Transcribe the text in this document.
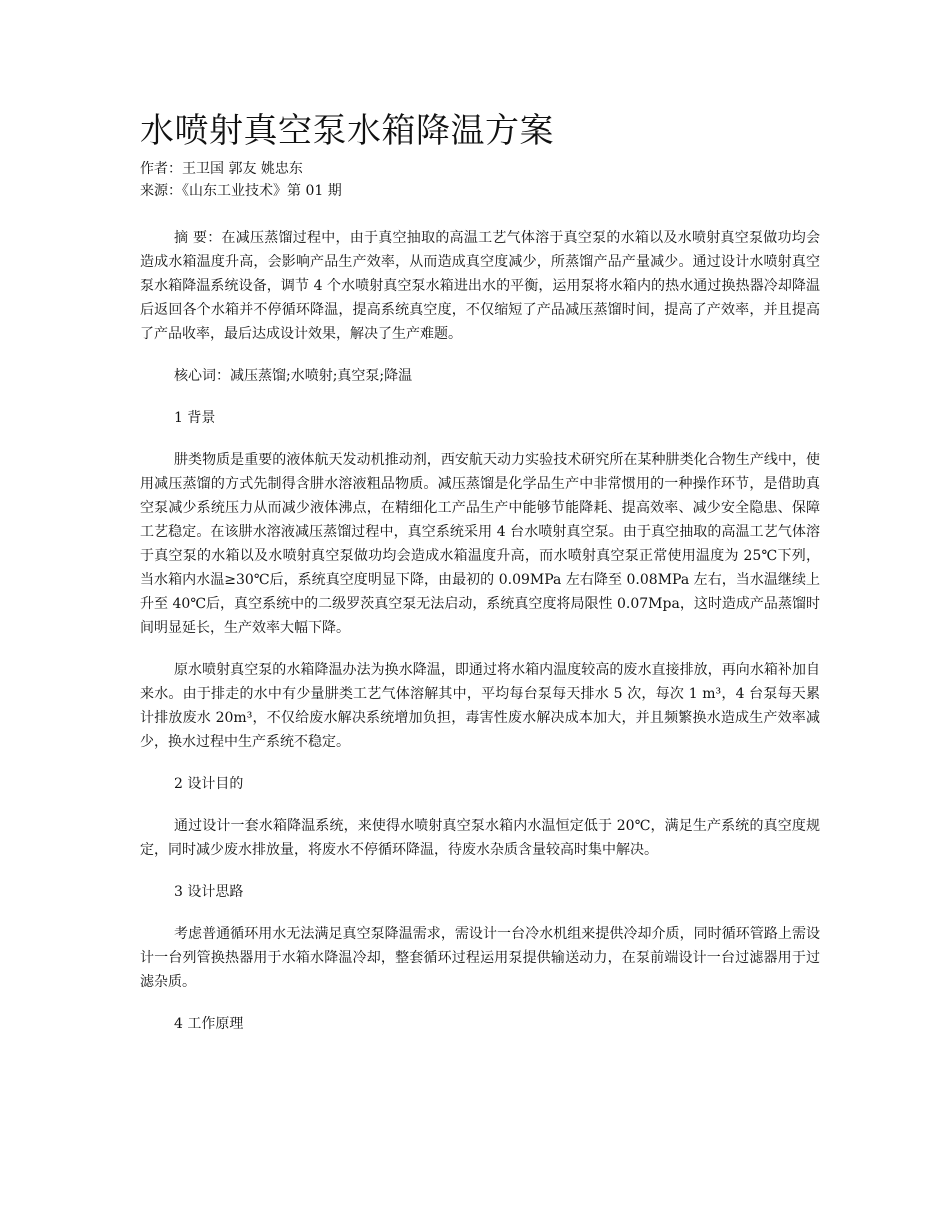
水喷射真空泵水箱降温方案

作者：王卫国 郭友 姚忠东

来源：《山东工业技术》第 01 期

摘 要：在减压蒸馏过程中，由于真空抽取的高温工艺气体溶于真空泵的水箱以及水喷射真空泵做功均会造成水箱温度升高，会影响产品生产效率，从而造成真空度减少，所蒸馏产品产量减少。通过设计水喷射真空泵水箱降温系统设备，调节 4 个水喷射真空泵水箱进出水的平衡，运用泵将水箱内的热水通过换热器冷却降温后返回各个水箱并不停循环降温，提高系统真空度，不仅缩短了产品减压蒸馏时间，提高了产效率，并且提高了产品收率，最后达成设计效果，解决了生产难题。

核心词：减压蒸馏;水喷射;真空泵;降温

1 背景

肼类物质是重要的液体航天发动机推动剂，西安航天动力实验技术研究所在某种肼类化合物生产线中，使用减压蒸馏的方式先制得含肼水溶液粗品物质。减压蒸馏是化学品生产中非常惯用的一种操作环节，是借助真空泵减少系统压力从而减少液体沸点，在精细化工产品生产中能够节能降耗、提高效率、减少安全隐患、保障工艺稳定。在该肼水溶液减压蒸馏过程中，真空系统采用 4 台水喷射真空泵。由于真空抽取的高温工艺气体溶于真空泵的水箱以及水喷射真空泵做功均会造成水箱温度升高，而水喷射真空泵正常使用温度为 25℃下列，当水箱内水温≥30℃后，系统真空度明显下降，由最初的 0.09MPa 左右降至 0.08MPa 左右，当水温继续上升至 40℃后，真空系统中的二级罗茨真空泵无法启动，系统真空度将局限性 0.07Mpa，这时造成产品蒸馏时间明显延长，生产效率大幅下降。

原水喷射真空泵的水箱降温办法为换水降温，即通过将水箱内温度较高的废水直接排放，再向水箱补加自来水。由于排走的水中有少量肼类工艺气体溶解其中，平均每台泵每天排水 5 次，每次 1 m³，4 台泵每天累计排放废水 20m³，不仅给废水解决系统增加负担，毒害性废水解决成本加大，并且频繁换水造成生产效率减少，换水过程中生产系统不稳定。

2 设计目的

通过设计一套水箱降温系统，来使得水喷射真空泵水箱内水温恒定低于 20℃，满足生产系统的真空度规定，同时减少废水排放量，将废水不停循环降温，待废水杂质含量较高时集中解决。

3 设计思路

考虑普通循环用水无法满足真空泵降温需求，需设计一台冷水机组来提供冷却介质，同时循环管路上需设计一台列管换热器用于水箱水降温冷却，整套循环过程运用泵提供输送动力，在泵前端设计一台过滤器用于过滤杂质。

4 工作原理
